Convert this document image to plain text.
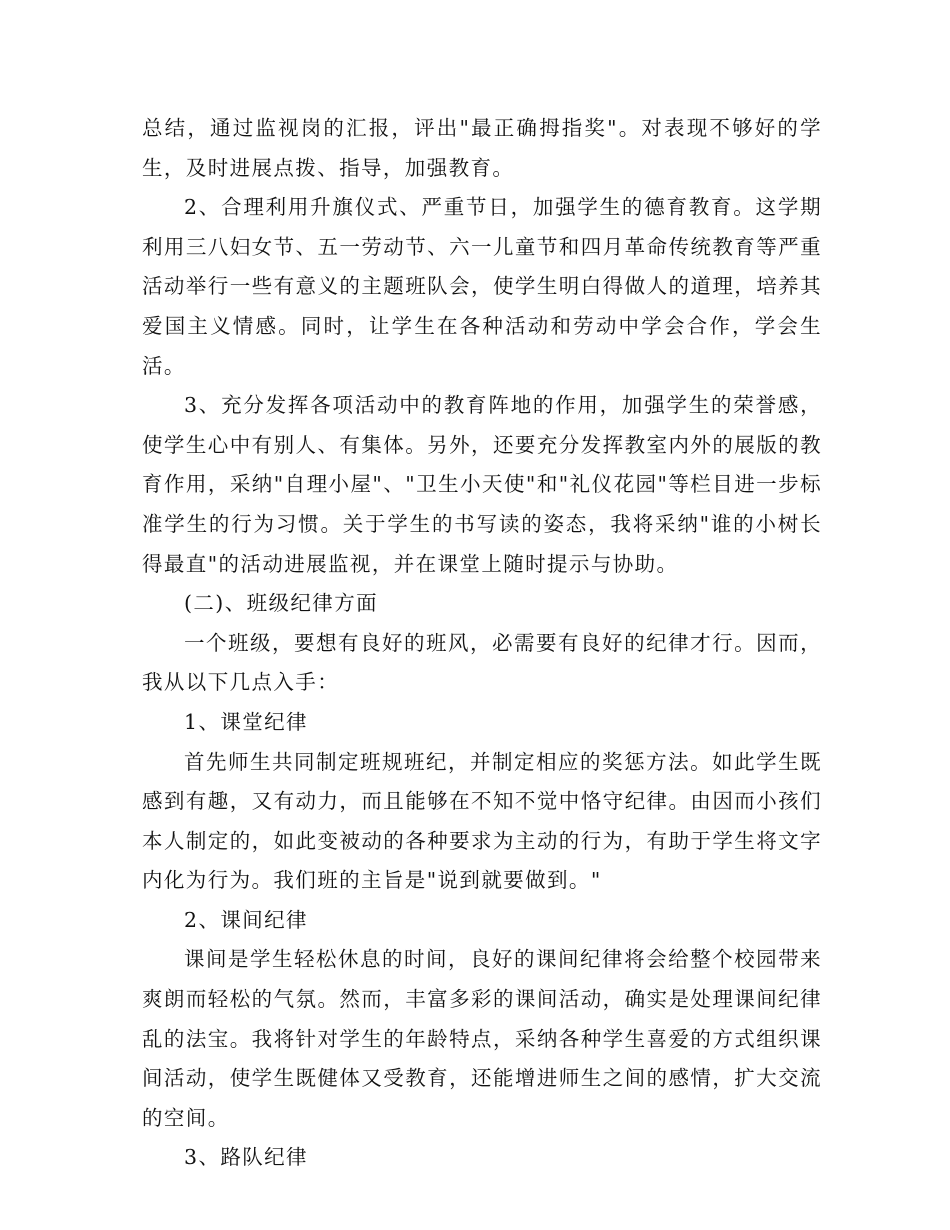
总结，通过监视岗的汇报，评出"最正确拇指奖"。对表现不够好的学生，及时进展点拨、指导，加强教育。

2、合理利用升旗仪式、严重节日，加强学生的德育教育。这学期利用三八妇女节、五一劳动节、六一儿童节和四月革命传统教育等严重活动举行一些有意义的主题班队会，使学生明白得做人的道理，培养其爱国主义情感。同时，让学生在各种活动和劳动中学会合作，学会生活。

3、充分发挥各项活动中的教育阵地的作用，加强学生的荣誉感，使学生心中有别人、有集体。另外，还要充分发挥教室内外的展版的教育作用，采纳"自理小屋"、"卫生小天使"和"礼仪花园"等栏目进一步标准学生的行为习惯。关于学生的书写读的姿态，我将采纳"谁的小树长得最直"的活动进展监视，并在课堂上随时提示与协助。

(二)、班级纪律方面

一个班级，要想有良好的班风，必需要有良好的纪律才行。因而，我从以下几点入手：

1、课堂纪律

首先师生共同制定班规班纪，并制定相应的奖惩方法。如此学生既感到有趣，又有动力，而且能够在不知不觉中恪守纪律。由因而小孩们本人制定的，如此变被动的各种要求为主动的行为，有助于学生将文字内化为行为。我们班的主旨是"说到就要做到。"

2、课间纪律

课间是学生轻松休息的时间，良好的课间纪律将会给整个校园带来爽朗而轻松的气氛。然而，丰富多彩的课间活动，确实是处理课间纪律乱的法宝。我将针对学生的年龄特点，采纳各种学生喜爱的方式组织课间活动，使学生既健体又受教育，还能增进师生之间的感情，扩大交流的空间。

3、路队纪律
